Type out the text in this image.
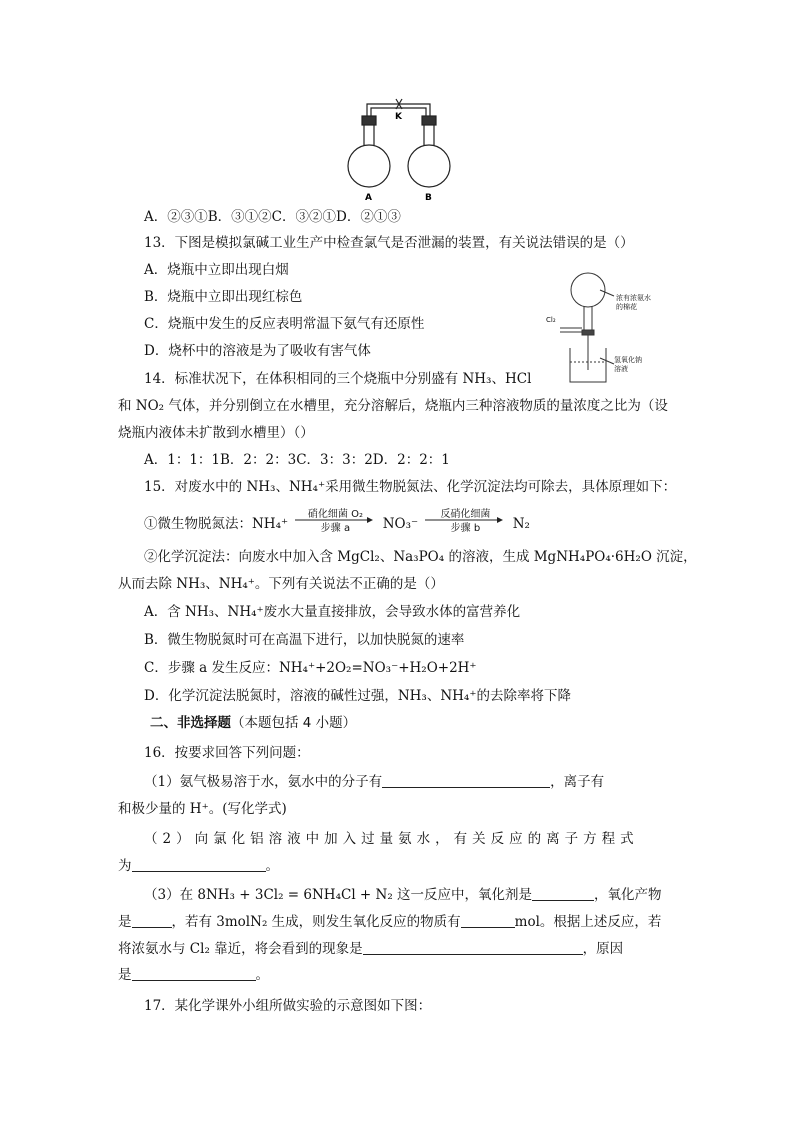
K
A	B
A．②③①B．③①②C．③②①D．②①③
13．下图是模拟氯碱工业生产中检查氯气是否泄漏的装置，有关说法错误的是（）
A．烧瓶中立即出现白烟
B．烧瓶中立即出现红棕色
C．烧瓶中发生的反应表明常温下氨气有还原性
D．烧杯中的溶液是为了吸收有害气体
浓有浓氨水
的棉花
Cl₂
氢氧化钠
溶液
14．标准状况下，在体积相同的三个烧瓶中分别盛有 NH₃、HCl
和 NO₂ 气体，并分别倒立在水槽里，充分溶解后，烧瓶内三种溶液物质的量浓度之比为（设
烧瓶内液体未扩散到水槽里）（）
A．1：1：1B．2：2：3C．3：3：2D．2：2：1
15．对废水中的 NH₃、NH₄⁺采用微生物脱氮法、化学沉淀法均可除去，具体原理如下：
①微生物脱氮法：NH₄⁺
硝化细菌 O₂
步骤 a	NO₃⁻
反硝化细菌
步骤 b	N₂
②化学沉淀法：向废水中加入含 MgCl₂、Na₃PO₄ 的溶液，生成 MgNH₄PO₄·6H₂O 沉淀，
从而去除 NH₃、NH₄⁺。下列有关说法不正确的是（）
A．含 NH₃、NH₄⁺废水大量直接排放，会导致水体的富营养化
B．微生物脱氮时可在高温下进行，以加快脱氮的速率
C．步骤 a 发生反应：NH₄⁺+2O₂=NO₃⁻+H₂O+2H⁺
D．化学沉淀法脱氮时，溶液的碱性过强，NH₃、NH₄⁺的去除率将下降
二、非选择题（本题包括 4 小题）
16．按要求回答下列问题：
（1）氨气极易溶于水，氨水中的分子有	，离子有
和极少量的 H⁺。(写化学式)
（2）向氯化铝溶液中加入过量氨水，有关反应的离子方程式
为	。
（3）在 8NH₃ + 3Cl₂ = 6NH₄Cl + N₂ 这一反应中，氧化剂是	，氧化产物
是	，若有 3molN₂ 生成，则发生氧化反应的物质有	mol。根据上述反应，若
将浓氨水与 Cl₂ 靠近，将会看到的现象是	，原因
是	。
17．某化学课外小组所做实验的示意图如下图：
